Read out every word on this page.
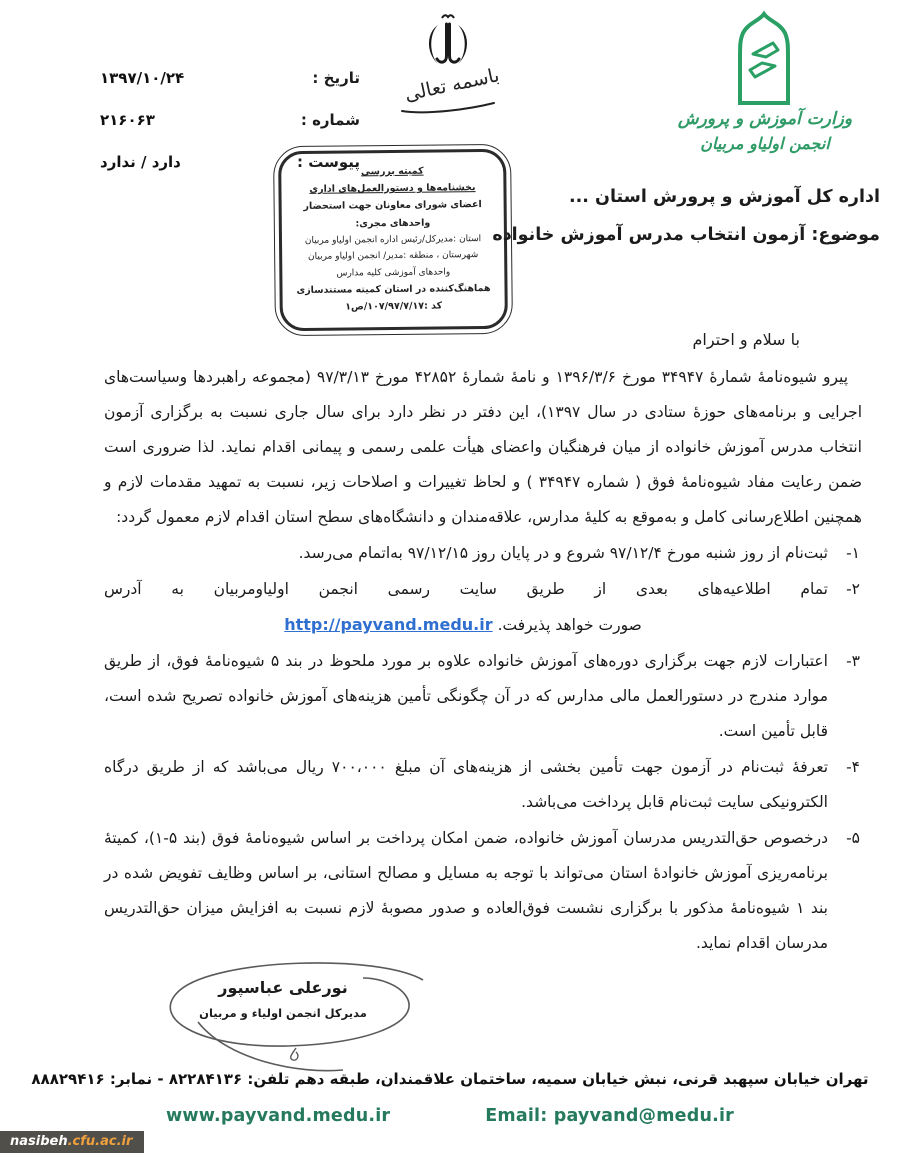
تاریخ :
۱۳۹۷/۱۰/۲۴
شماره :
۲۱۶۰۶۳
پیوست :
دارد / ندارد
باسمه تعالی
وزارت آموزش و پرورش
انجمن اولیاو مربیان
کمیته بررسی
بخشنامه‌ها و دستورالعمل‌های اداری
اعضای شورای معاونان جهت استحضار
واحدهای مجری:
استان :مدیرکل/رئیس اداره انجمن اولیاو مربیان
شهرستان ، منطقه :مدیر/ انجمن اولیاو مربیان
واحدهای آموزشی کلیه مدارس
هماهنگ‌کننده در استان کمیته مستندسازی
کد :۱۰۷/۹۷/۷/۱۷/ص۱
اداره کل آموزش و پرورش استان ...
موضوع: آزمون انتخاب مدرس آموزش خانواده
با سلام و احترام

پیرو شیوه‌نامهٔ شمارهٔ ۳۴۹۴۷ مورخ ۱۳۹۶/۳/۶ و نامهٔ شمارهٔ ۴۲۸۵۲ مورخ ۹۷/۳/۱۳ (مجموعه راهبردها وسیاست‌های اجرایی و برنامه‌های حوزهٔ ستادی در سال ۱۳۹۷)، این دفتر در نظر دارد برای سال جاری نسبت به برگزاری آزمون انتخاب مدرس آموزش خانواده از میان فرهنگیان واعضای هیأت علمی رسمی و پیمانی اقدام نماید. لذا ضروری است ضمن رعایت مفاد شیوه‌نامهٔ فوق ( شماره ۳۴۹۴۷ ) و لحاظ تغییرات و اصلاحات زیر، نسبت به تمهید مقدمات لازم و همچنین اطلاع‌رسانی کامل و به‌موقع به کلیهٔ مدارس، علاقه‌مندان و دانشگاه‌های سطح استان اقدام لازم معمول گردد:

۱-
ثبت‌نام از روز شنبه مورخ ۹۷/۱۲/۴ شروع و در پایان روز ۹۷/۱۲/۱۵ به‌اتمام می‌رسد.
۲-
تمام اطلاعیه‌های بعدی از طریق سایت رسمی انجمن اولیاومربیان به آدرس
صورت خواهد پذیرفت. http://payvand.medu.ir
۳-
اعتبارات لازم جهت برگزاری دوره‌های آموزش خانواده علاوه بر مورد ملحوظ در بند ۵ شیوه‌نامهٔ فوق، از طریق موارد مندرج در دستورالعمل مالی مدارس که در آن چگونگی تأمین هزینه‌های آموزش خانواده تصریح شده است، قابل تأمین است.
۴-
تعرفهٔ ثبت‌نام در آزمون جهت تأمین بخشی از هزینه‌های آن مبلغ ۷۰۰،۰۰۰ ریال می‌باشد که از طریق درگاه الکترونیکی سایت ثبت‌نام قابل پرداخت می‌باشد.
۵-
درخصوص حق‌التدریس مدرسان آموزش خانواده، ضمن امکان پرداخت بر اساس شیوه‌نامهٔ فوق (بند ۵-۱)، کمیتهٔ برنامه‌ریزی آموزش خانوادهٔ استان می‌تواند با توجه به مسایل و مصالح استانی، بر اساس وظایف تفویض شده در بند ۱ شیوه‌نامهٔ مذکور با برگزاری نشست فوق‌العاده و صدور مصوبهٔ لازم نسبت به افزایش میزان حق‌التدریس مدرسان اقدام نماید.
نورعلی عباسپور
مدیرکل انجمن اولیاء و مربیان
تهران خیابان سپهبد قرنی، نبش خیابان سمیه، ساختمان علاقمندان، طبقه دهم تلفن: ۸۲۲۸۴۱۳۶ - نمابر: ۸۸۸۲۹۴۱۶
www.payvand.medu.ir	Email: payvand@medu.ir
nasibeh.cfu.ac.ir
